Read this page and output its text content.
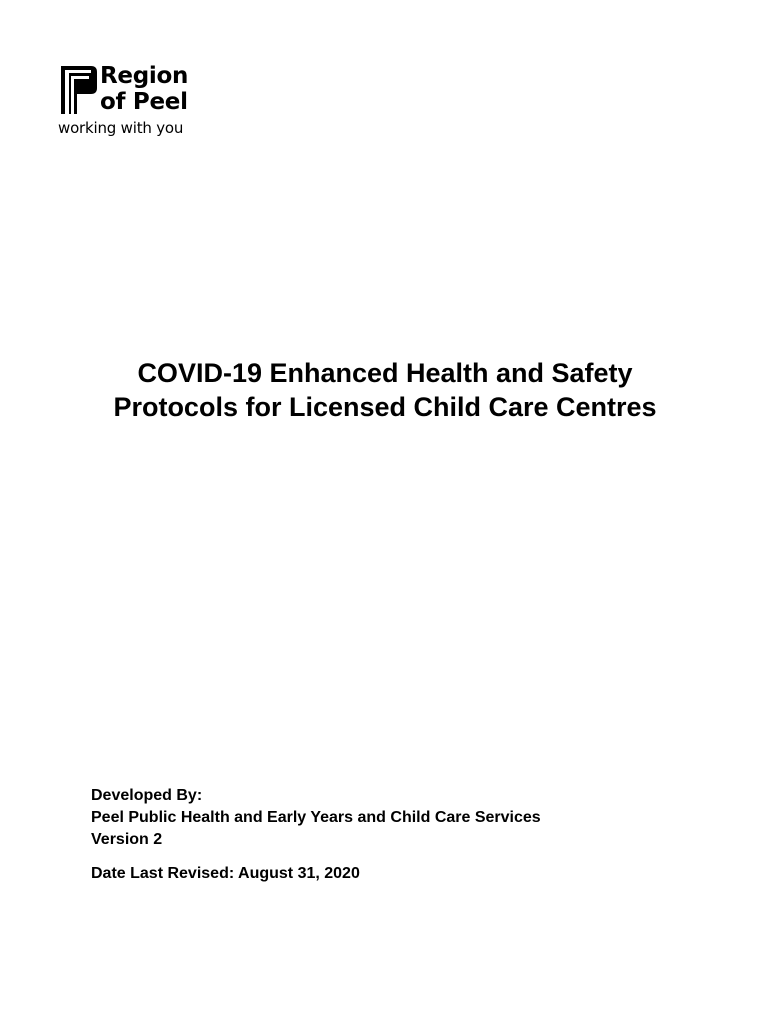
Region
of Peel
working with you
COVID-19 Enhanced Health and Safety
Protocols for Licensed Child Care Centres
Developed By:
Peel Public Health and Early Years and Child Care Services
Version 2
Date Last Revised: August 31, 2020
